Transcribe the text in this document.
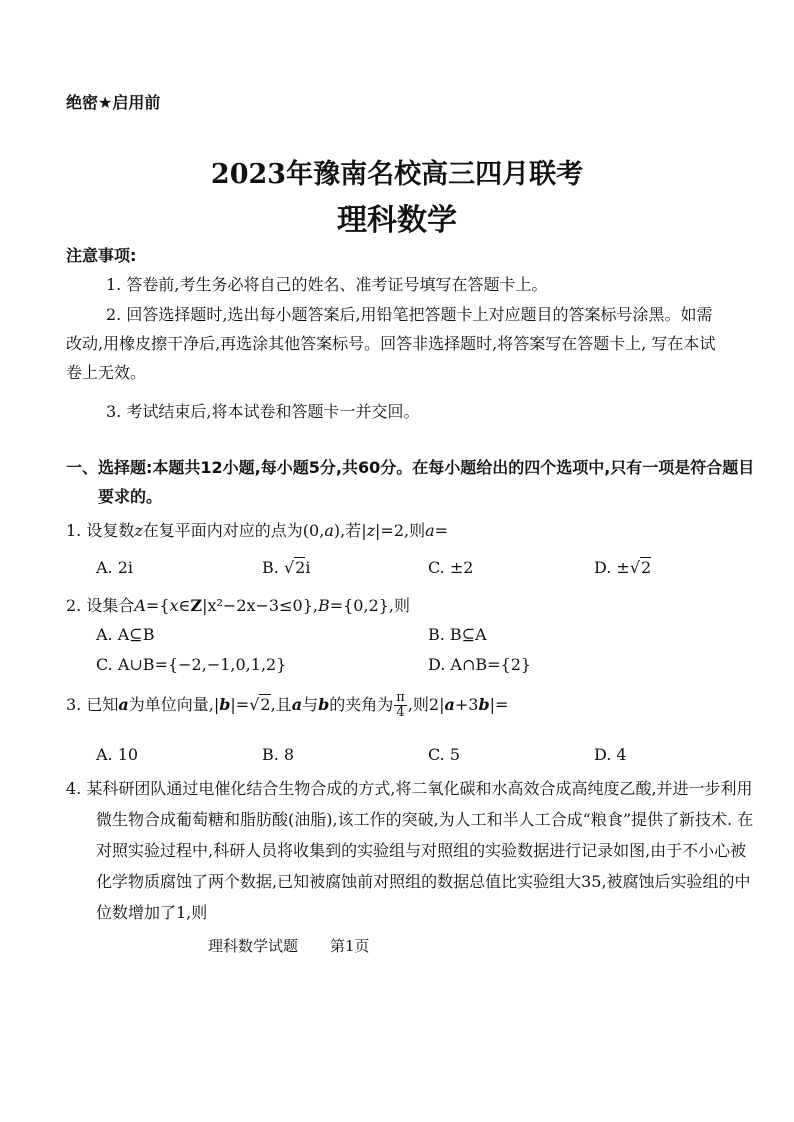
绝密★启用前
2023年豫南名校高三四月联考
理科数学
注意事项:
1. 答卷前,考生务必将自己的姓名、准考证号填写在答题卡上。
2. 回答选择题时,选出每小题答案后,用铅笔把答题卡上对应题目的答案标号涂黑。如需改动,用橡皮擦干净后,再选涂其他答案标号。回答非选择题时,将答案写在答题卡上, 写在本试卷上无效。
3. 考试结束后,将本试卷和答题卡一并交回。
一、选择题:本题共12小题,每小题5分,共60分。在每小题给出的四个选项中,只有一项是符合题目要求的。
1. 设复数z在复平面内对应的点为(0,a),若|z|=2,则a=
A. 2i	B. √2i	C. ±2	D. ±√2
2. 设集合A={x∈Z|x²−2x−3≤0},B={0,2},则
A. A⊆B	B. B⊆A
C. A∪B={−2,−1,0,1,2}	D. A∩B={2}
3. 已知a为单位向量,|b|=√2,且a与b的夹角为 $\frac{\pi}{4}$ ,则2|a+3b|=
A. 10	B. 8	C. 5	D. 4
4. 某科研团队通过电催化结合生物合成的方式,将二氧化碳和水高效合成高纯度乙酸,并进一步利用微生物合成葡萄糖和脂肪酸(油脂),该工作的突破,为人工和半人工合成“粮食”提供了新技术. 在对照实验过程中,科研人员将收集到的实验组与对照组的实验数据进行记录如图,由于不小心被化学物质腐蚀了两个数据,已知被腐蚀前对照组的数据总值比实验组大35,被腐蚀后实验组的中位数增加了1,则
理科数学试题 第1页
